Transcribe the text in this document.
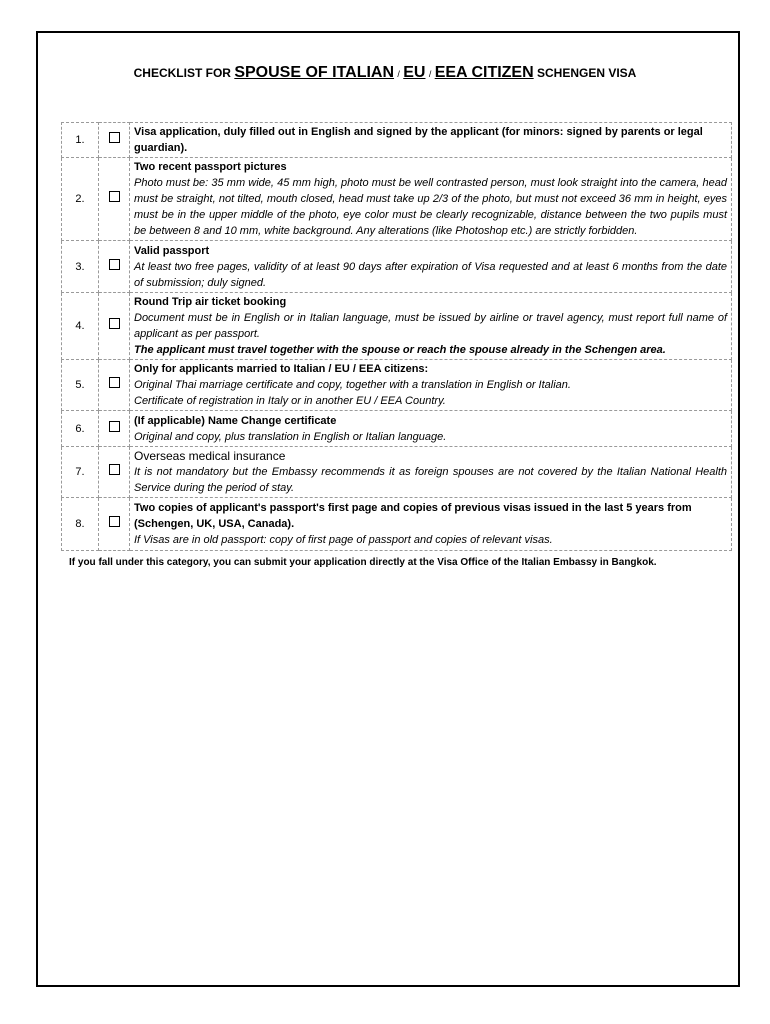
CHECKLIST FOR SPOUSE OF ITALIAN / EU / EEA CITIZEN SCHENGEN VISA
1.		Visa application, duly filled out in English and signed by the applicant (for minors: signed by parents or legal guardian).

2.		Two recent passport pictures
Photo must be: 35 mm wide, 45 mm high, photo must be well contrasted person, must look straight into the camera, head must be straight, not tilted, mouth closed, head must take up 2/3 of the photo, but must not exceed 36 mm in height, eyes must be in the upper middle of the photo, eye color must be clearly recognizable, distance between the two pupils must be between 8 and 10 mm, white background. Any alterations (like Photoshop etc.) are strictly forbidden.

3.		Valid passport
At least two free pages, validity of at least 90 days after expiration of Visa requested and at least 6 months from the date of submission; duly signed.

4.		Round Trip air ticket booking
Document must be in English or in Italian language, must be issued by airline or travel agency, must report full name of applicant as per passport.
The applicant must travel together with the spouse or reach the spouse already in the Schengen area.

5.		Only for applicants married to Italian / EU / EEA citizens:
Original Thai marriage certificate and copy, together with a translation in English or Italian.
Certificate of registration in Italy or in another EU / EEA Country.

6.		(If applicable) Name Change certificate
Original and copy, plus translation in English or Italian language.

7.		Overseas medical insurance
It is not mandatory but the Embassy recommends it as foreign spouses are not covered by the Italian National Health Service during the period of stay.

8.		Two copies of applicant's passport's first page and copies of previous visas issued in the last 5 years from (Schengen, UK, USA, Canada).
If Visas are in old passport: copy of first page of passport and copies of relevant visas.
If you fall under this category, you can submit your application directly at the Visa Office of the Italian Embassy in Bangkok.
